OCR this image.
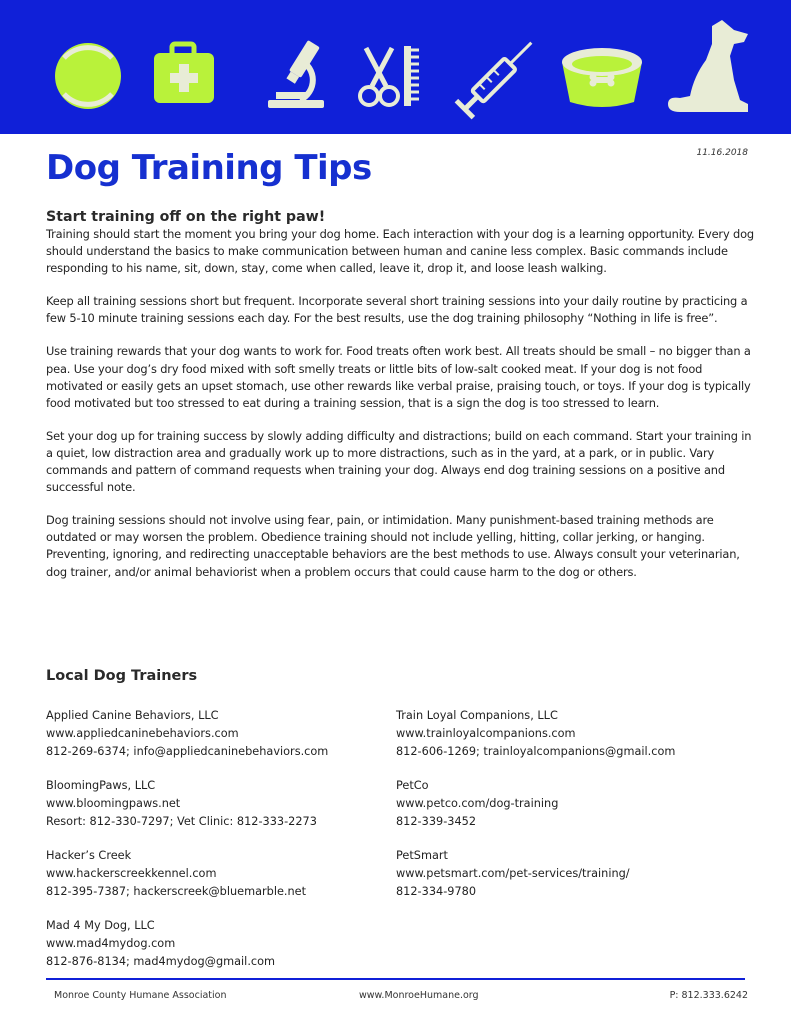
11.16.2018
Dog Training Tips
Start training off on the right paw!

Training should start the moment you bring your dog home. Each interaction with your dog is a learning opportunity. Every dog should understand the basics to make communication between human and canine less complex. Basic commands include responding to his name, sit, down, stay, come when called, leave it, drop it, and loose leash walking.

Keep all training sessions short but frequent. Incorporate several short training sessions into your daily routine by practicing a few 5-10 minute training sessions each day. For the best results, use the dog training philosophy “Nothing in life is free”.

Use training rewards that your dog wants to work for. Food treats often work best. All treats should be small – no bigger than a pea. Use your dog’s dry food mixed with soft smelly treats or little bits of low-salt cooked meat. If your dog is not food motivated or easily gets an upset stomach, use other rewards like verbal praise, praising touch, or toys. If your dog is typically food motivated but too stressed to eat during a training session, that is a sign the dog is too stressed to learn.

Set your dog up for training success by slowly adding difficulty and distractions; build on each command. Start your training in a quiet, low distraction area and gradually work up to more distractions, such as in the yard, at a park, or in public. Vary commands and pattern of command requests when training your dog. Always end dog training sessions on a positive and successful note.

Dog training sessions should not involve using fear, pain, or intimidation. Many punishment-based training methods are outdated or may worsen the problem. Obedience training should not include yelling, hitting, collar jerking, or hanging. Preventing, ignoring, and redirecting unacceptable behaviors are the best methods to use. Always consult your veterinarian, dog trainer, and/or animal behaviorist when a problem occurs that could cause harm to the dog or others.

Local Dog Trainers
Applied Canine Behaviors, LLC
www.appliedcaninebehaviors.com
812-269-6374; info@appliedcaninebehaviors.com
BloomingPaws, LLC
www.bloomingpaws.net
Resort: 812-330-7297; Vet Clinic: 812-333-2273
Hacker’s Creek
www.hackerscreekkennel.com
812-395-7387; hackerscreek@bluemarble.net
Mad 4 My Dog, LLC
www.mad4mydog.com
812-876-8134; mad4mydog@gmail.com
Train Loyal Companions, LLC
www.trainloyalcompanions.com
812-606-1269; trainloyalcompanions@gmail.com
PetCo
www.petco.com/dog-training
812-339-3452
PetSmart
www.petsmart.com/pet-services/training/
812-334-9780
Monroe County Humane Association	www.MonroeHumane.org	P: 812.333.6242
